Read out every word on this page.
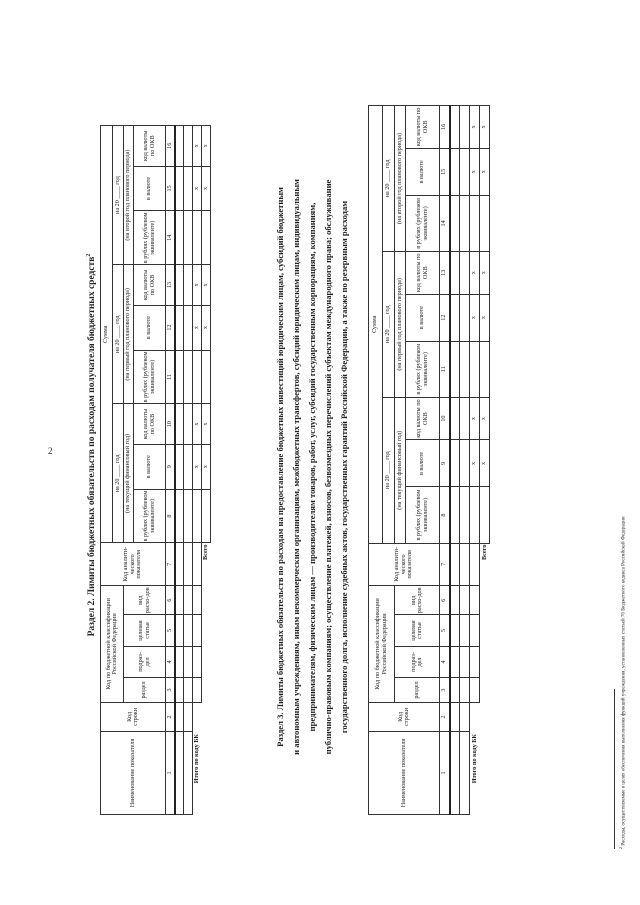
2	Раздел 2. Лимиты бюджетных обязательств по расходам получателя бюджетных средств$^2$
Наименование показателя	Код строки	Код по бюджетной классификации Российской Федерации				Код аналити-ческого показателя	Сумма								
							на 20 ____ год			на 20 ____ год			на 20 ____ год		
		раздел	подраз-дел	целевая статья	вид расхо-дов		(на текущий финансовый год)			(на первый год планового периода)			(на второй год планового периода)		
							в рублях (рублевом эквиваленте)	в валюте	код валюты по ОКВ	в рублях (рублевом эквиваленте)	в валюте	код валюты по ОКВ	в рублях (рублевом эквиваленте)	в валюте	код валюты по ОКВ

1	2	3	4	5	6	7	8	9	10	11	12	13	14	15	16

Итого по коду БК								х	х		х	х		х	х
						Всего		х	х		х	х		х	х
Раздел 3. Лимиты бюджетных обязательств по расходам на предоставление бюджетных инвестиций юридическим лицам, субсидий бюджетным и автономным учреждениям, иным некоммерческим организациям, межбюджетных трансфертов, субсидий юридическим лицам, индивидуальным предпринимателям, физическим лицам — производителям товаров, работ, услуг, субсидий государственным корпорациям, компаниям, публично-правовым компаниям; осуществление платежей, взносов, безвозмездных перечислений субъектам международного права; обслуживание государственного долга, исполнение судебных актов, государственных гарантий Российской Федерации, а также по резервным расходам
Наименование показателя	Код строки	Код по бюджетной классификации Российской Федерации				Код аналити-ческого показателя	Сумма								
							на 20 ____ год			на 20 ____ год			на 20 ____ год		
		раздел	подраз-дел	целевая статья	вид расхо-дов		(на текущий финансовый год)			(на первый год планового периода)			(на второй год планового периода)		
							в рублях (рублевом эквиваленте)	в валюте	код валюты по ОКВ	в рублях (рублевом эквиваленте)	в валюте	код валюты по ОКВ	в рублях (рублевом эквиваленте)	в валюте	код валюты по ОКВ

1	2	3	4	5	6	7	8	9	10	11	12	13	14	15	16

Итого по коду БК								х	х		х	х		х	х
						Всего		х	х		х	х		х	х
$^2$ Расходы, осуществляемые в целях обеспечения выполнения функций учреждения, установленных статьей 70 Бюджетного кодекса Российской Федерации
